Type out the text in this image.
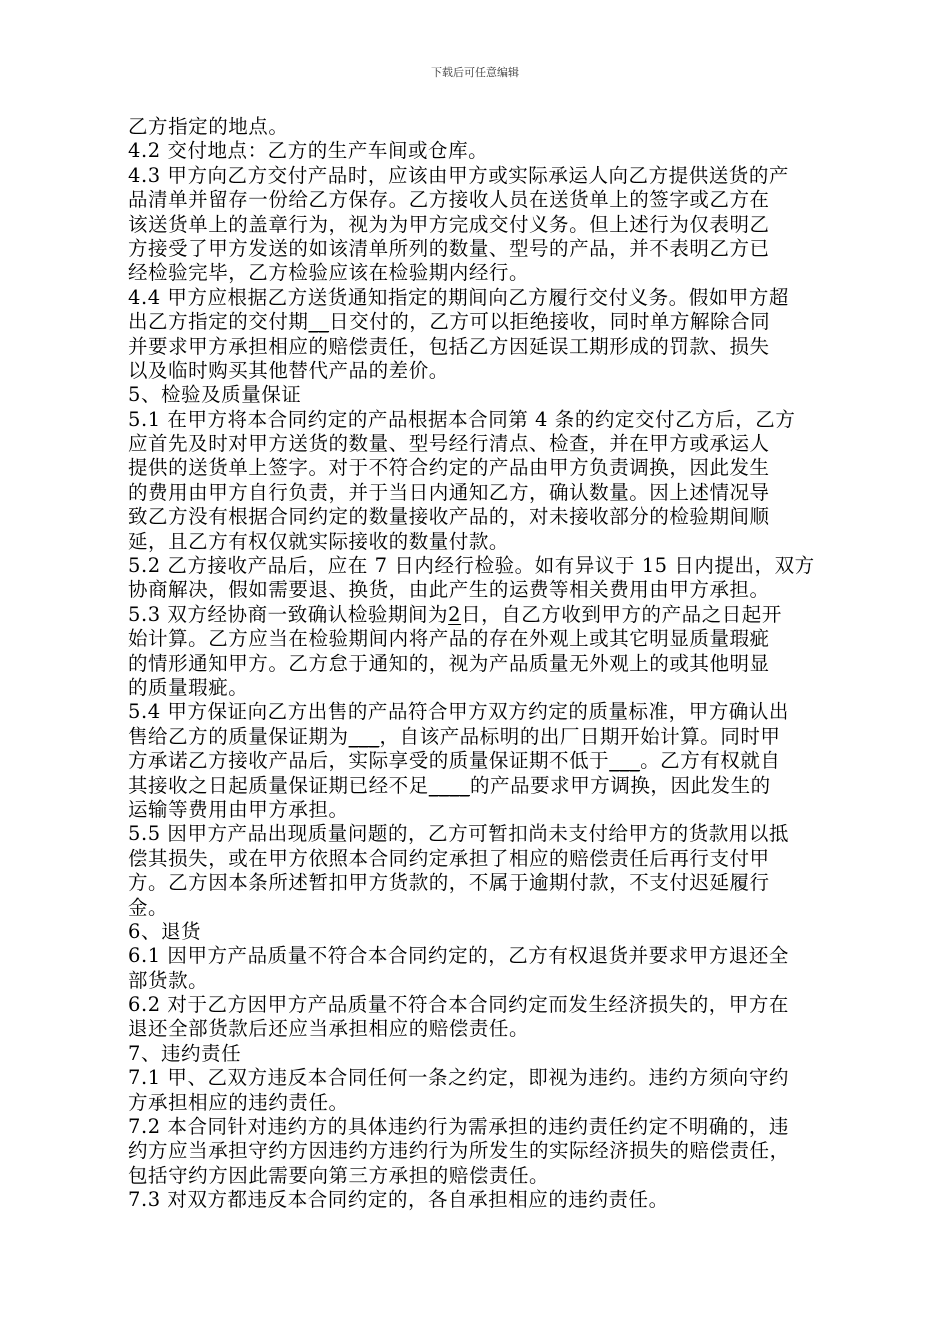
下载后可任意编辑
乙方指定的地点。
4.2 交付地点：乙方的生产车间或仓库。
4.3 甲方向乙方交付产品时，应该由甲方或实际承运人向乙方提供送货的产
品清单并留存一份给乙方保存。乙方接收人员在送货单上的签字或乙方在
该送货单上的盖章行为，视为为甲方完成交付义务。但上述行为仅表明乙
方接受了甲方发送的如该清单所列的数量、型号的产品，并不表明乙方已
经检验完毕，乙方检验应该在检验期内经行。
4.4 甲方应根据乙方送货通知指定的期间向乙方履行交付义务。假如甲方超
出乙方指定的交付期__日交付的，乙方可以拒绝接收，同时单方解除合同
并要求甲方承担相应的赔偿责任，包括乙方因延误工期形成的罚款、损失
以及临时购买其他替代产品的差价。
5、检验及质量保证
5.1 在甲方将本合同约定的产品根据本合同第 4 条的约定交付乙方后，乙方
应首先及时对甲方送货的数量、型号经行清点、检查，并在甲方或承运人
提供的送货单上签字。对于不符合约定的产品由甲方负责调换，因此发生
的费用由甲方自行负责，并于当日内通知乙方，确认数量。因上述情况导
致乙方没有根据合同约定的数量接收产品的，对未接收部分的检验期间顺
延，且乙方有权仅就实际接收的数量付款。
5.2 乙方接收产品后，应在 7 日内经行检验。如有异议于 15 日内提出，双方
协商解决，假如需要退、换货，由此产生的运费等相关费用由甲方承担。
5.3 双方经协商一致确认检验期间为2日，自乙方收到甲方的产品之日起开
始计算。乙方应当在检验期间内将产品的存在外观上或其它明显质量瑕疵
的情形通知甲方。乙方怠于通知的，视为产品质量无外观上的或其他明显
的质量瑕疵。
5.4 甲方保证向乙方出售的产品符合甲方双方约定的质量标准，甲方确认出
售给乙方的质量保证期为___，自该产品标明的出厂日期开始计算。同时甲
方承诺乙方接收产品后，实际享受的质量保证期不低于___。乙方有权就自
其接收之日起质量保证期已经不足____的产品要求甲方调换，因此发生的
运输等费用由甲方承担。
5.5 因甲方产品出现质量问题的，乙方可暂扣尚未支付给甲方的货款用以抵
偿其损失，或在甲方依照本合同约定承担了相应的赔偿责任后再行支付甲
方。乙方因本条所述暂扣甲方货款的，不属于逾期付款，不支付迟延履行
金。
6、退货
6.1 因甲方产品质量不符合本合同约定的，乙方有权退货并要求甲方退还全
部货款。
6.2 对于乙方因甲方产品质量不符合本合同约定而发生经济损失的，甲方在
退还全部货款后还应当承担相应的赔偿责任。
7、违约责任
7.1 甲、乙双方违反本合同任何一条之约定，即视为违约。违约方须向守约
方承担相应的违约责任。
7.2 本合同针对违约方的具体违约行为需承担的违约责任约定不明确的，违
约方应当承担守约方因违约方违约行为所发生的实际经济损失的赔偿责任，
包括守约方因此需要向第三方承担的赔偿责任。
7.3 对双方都违反本合同约定的，各自承担相应的违约责任。
